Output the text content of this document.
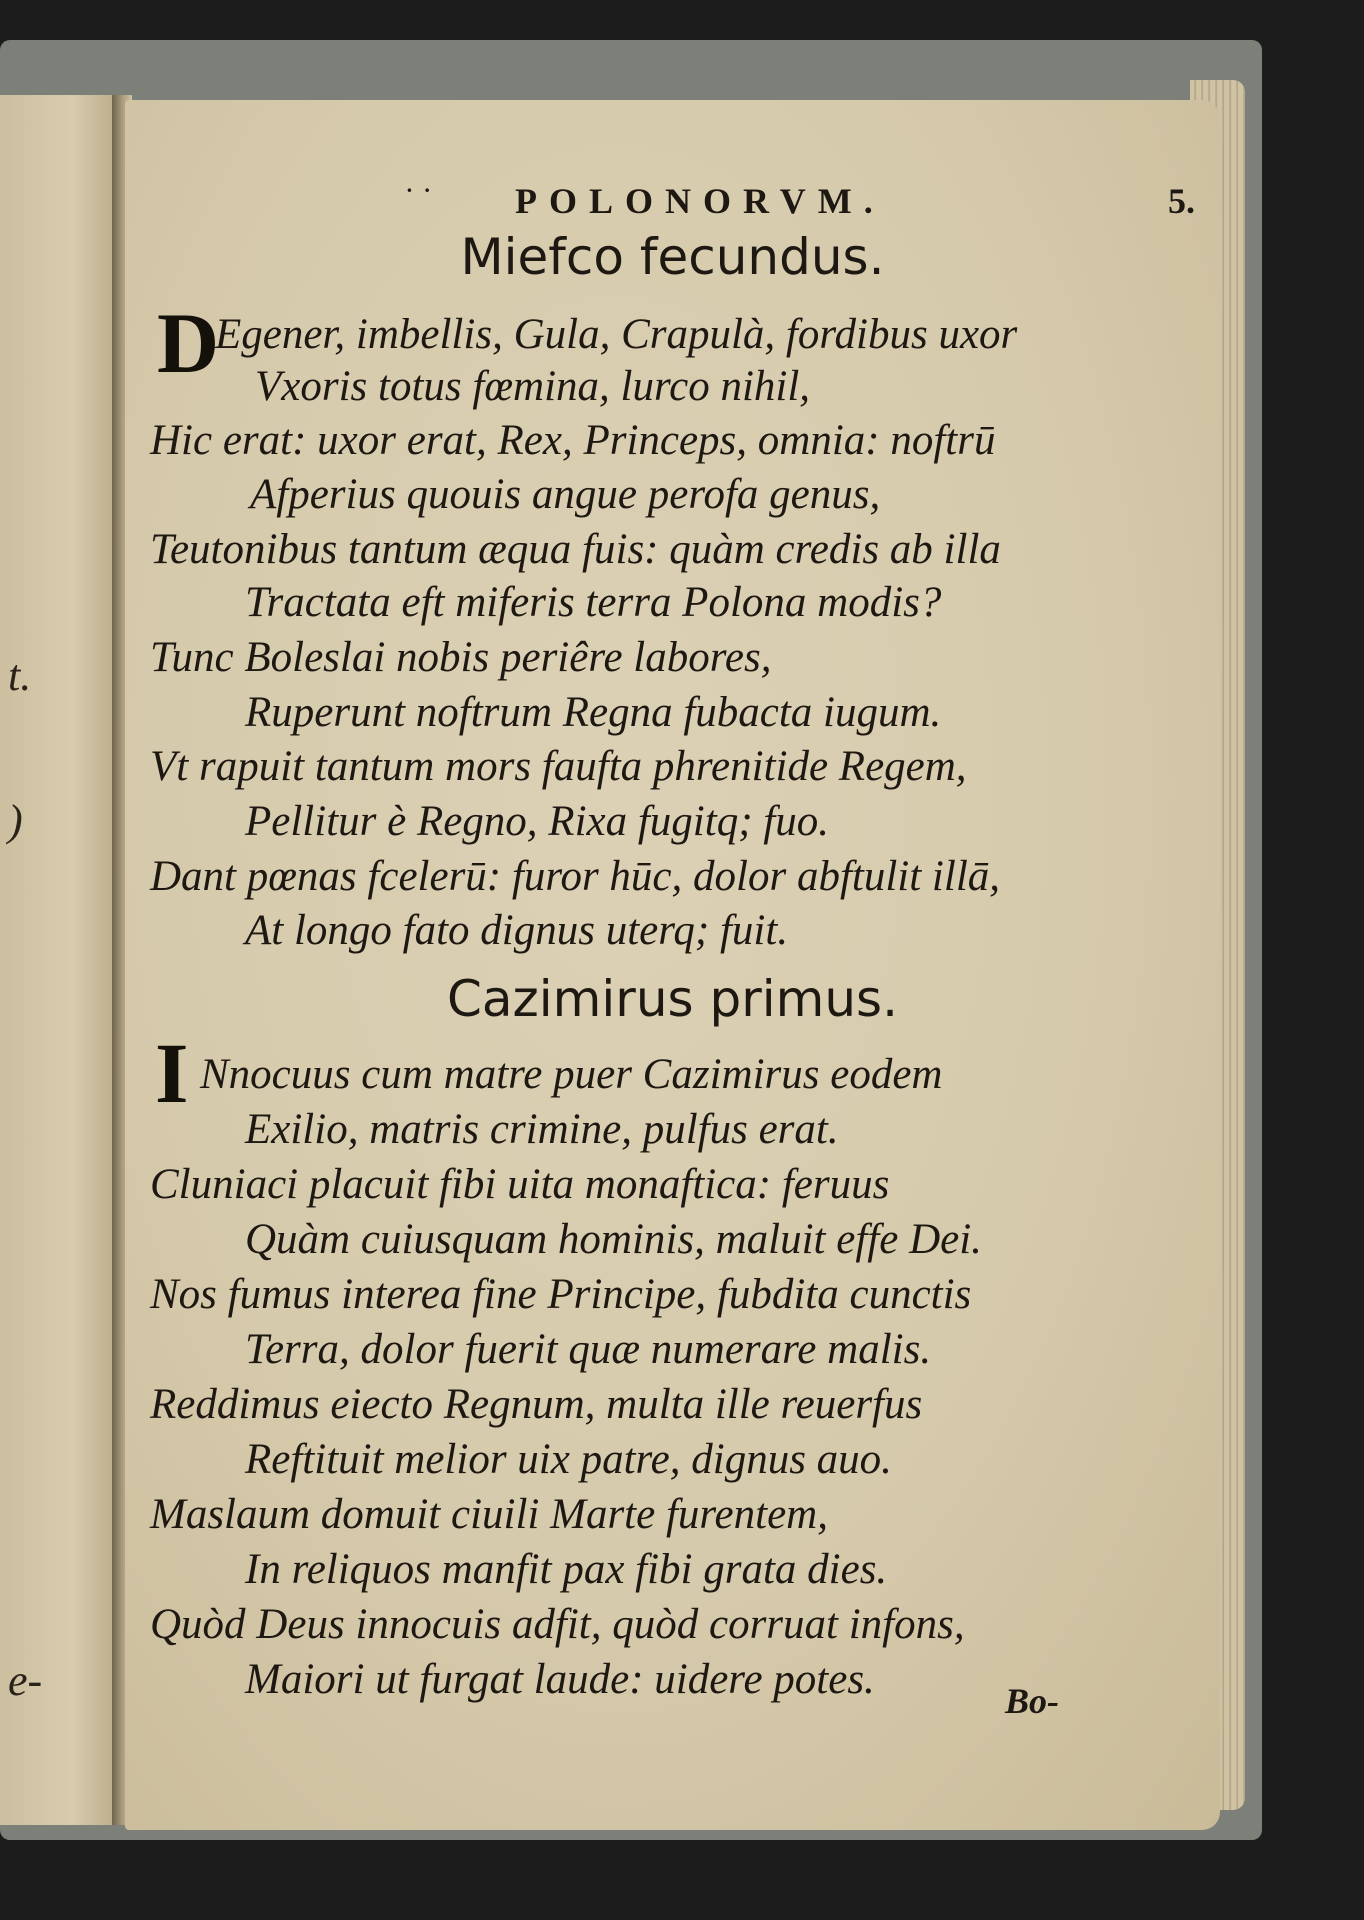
t.
)
e-
· · POLONORVM.	5.
Miefco fecundus.
D
Egener, imbellis, Gula, Crapulà, fordibus uxor
Vxoris totus fœmina, lurco nihil,
Hic erat: uxor erat, Rex, Princeps, omnia: noftrū
Afperius quouis angue perofa genus,
Teutonibus tantum æqua fuis: quàm credis ab illa
Tractata eft miferis terra Polona modis?
Tunc Boleslai nobis periêre labores,
Ruperunt noftrum Regna fubacta iugum.
Vt rapuit tantum mors faufta phrenitide Regem,
Pellitur è Regno, Rixa fugitq; fuo.
Dant pœnas fcelerū: furor hūc, dolor abftulit illā,
At longo fato dignus uterq; fuit.
Cazimirus primus.
I Nnocuus cum matre puer Cazimirus eodem
Exilio, matris crimine, pulfus erat.
Cluniaci placuit fibi uita monaftica: feruus
Quàm cuiusquam hominis, maluit effe Dei.
Nos fumus interea fine Principe, fubdita cunctis
Terra, dolor fuerit quæ numerare malis.
Reddimus eiecto Regnum, multa ille reuerfus
Reftituit melior uix patre, dignus auo.
Maslaum domuit ciuili Marte furentem,
In reliquos manfit pax fibi grata dies.
Quòd Deus innocuis adfit, quòd corruat infons,
Maiori ut furgat laude: uidere potes.	Bo-
